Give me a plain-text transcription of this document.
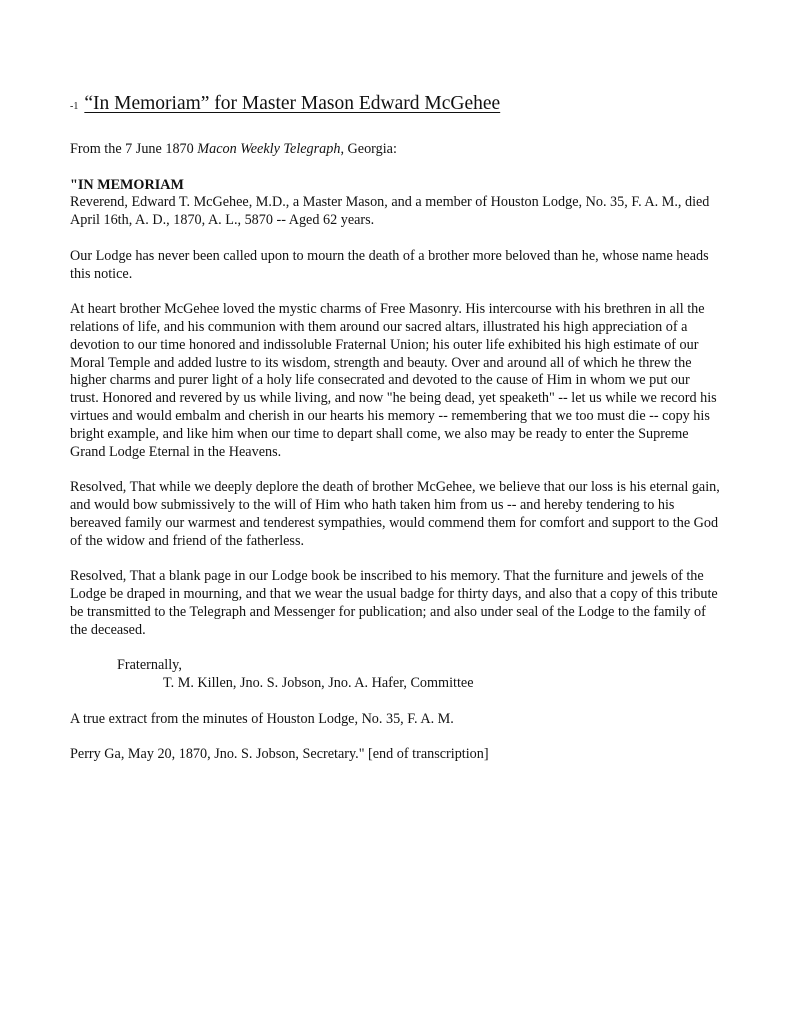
-1 “In Memoriam” for Master Mason Edward McGehee

From the 7 June 1870 Macon Weekly Telegraph, Georgia:

"IN MEMORIAM
Reverend, Edward T. McGehee, M.D., a Master Mason, and a member of Houston Lodge, No. 35, F. A. M., died April 16th, A. D., 1870, A. L., 5870 -- Aged 62 years.

Our Lodge has never been called upon to mourn the death of a brother more beloved than he, whose name heads this notice.

At heart brother McGehee loved the mystic charms of Free Masonry. His intercourse with his brethren in all the relations of life, and his communion with them around our sacred altars, illustrated his high appreciation of a devotion to our time honored and indissoluble Fraternal Union; his outer life exhibited his high estimate of our Moral Temple and added lustre to its wisdom, strength and beauty. Over and around all of which he threw the higher charms and purer light of a holy life consecrated and devoted to the cause of Him in whom we put our trust. Honored and revered by us while living, and now "he being dead, yet speaketh" -- let us while we record his virtues and would embalm and cherish in our hearts his memory -- remembering that we too must die -- copy his bright example, and like him when our time to depart shall come, we also may be ready to enter the Supreme Grand Lodge Eternal in the Heavens.

Resolved, That while we deeply deplore the death of brother McGehee, we believe that our loss is his eternal gain, and would bow submissively to the will of Him who hath taken him from us -- and hereby tendering to his bereaved family our warmest and tenderest sympathies, would commend them for comfort and support to the God of the widow and friend of the fatherless.

Resolved, That a blank page in our Lodge book be inscribed to his memory. That the furniture and jewels of the Lodge be draped in mourning, and that we wear the usual badge for thirty days, and also that a copy of this tribute be transmitted to the Telegraph and Messenger for publication; and also under seal of the Lodge to the family of the deceased.

Fraternally,

T. M. Killen, Jno. S. Jobson, Jno. A. Hafer, Committee

A true extract from the minutes of Houston Lodge, No. 35, F. A. M.

Perry Ga, May 20, 1870, Jno. S. Jobson, Secretary." [end of transcription]
